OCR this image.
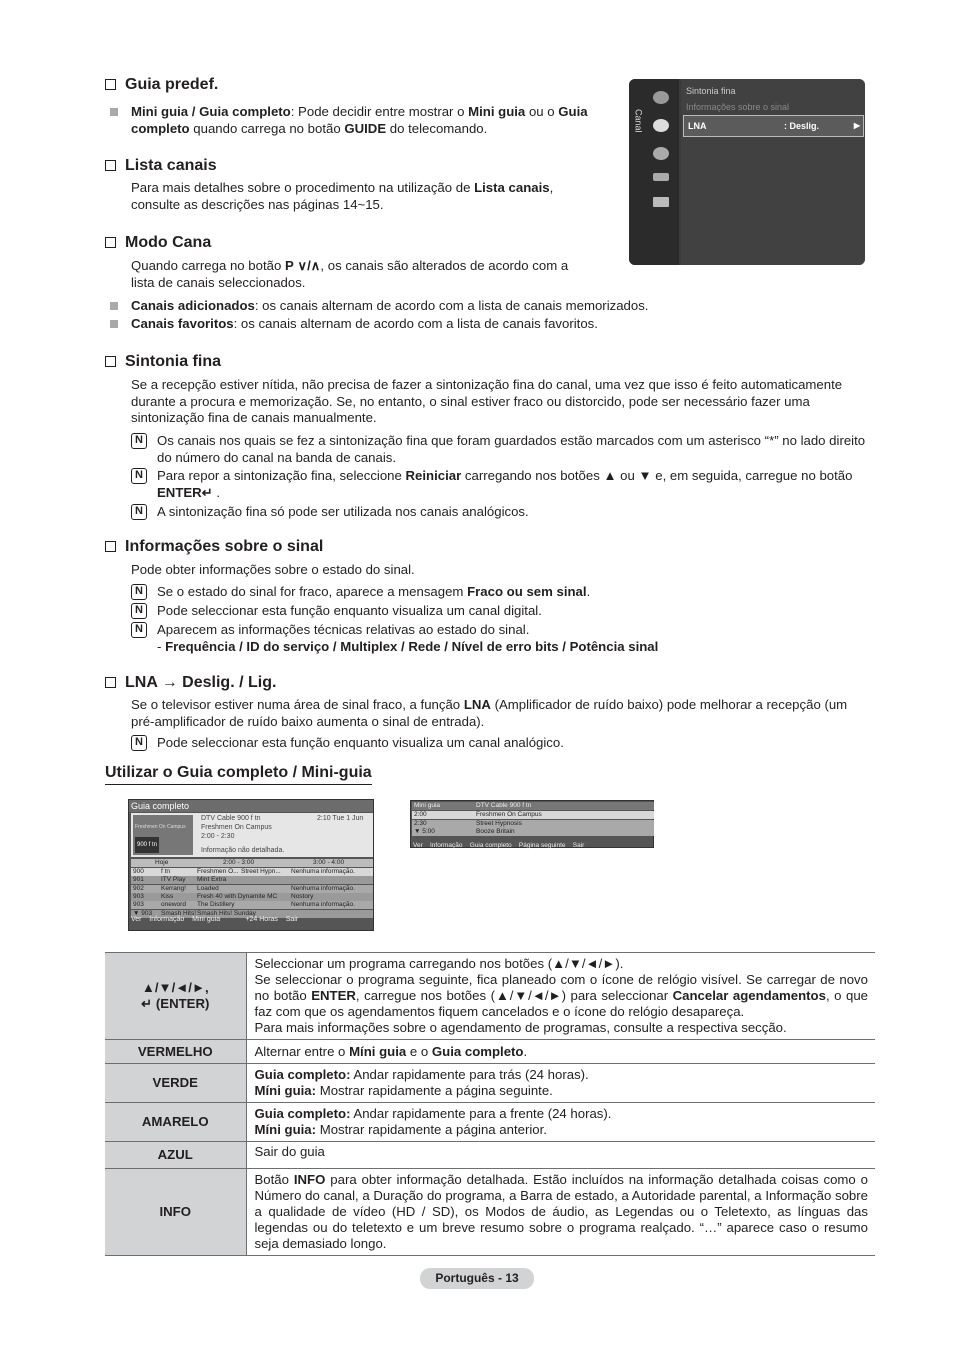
Guia predef.
Mini guia / Guia completo: Pode decidir entre mostrar o Mini guia ou o Guia
completo quando carrega no botão GUIDE do telecomando.
Lista canais
Para mais detalhes sobre o procedimento na utilização de Lista canais,
consulte as descrições nas páginas 14~15.
Modo Cana
Quando carrega no botão P ∨/∧, os canais são alterados de acordo com a
lista de canais seleccionados.
Canais adicionados: os canais alternam de acordo com a lista de canais memorizados.
Canais favoritos: os canais alternam de acordo com a lista de canais favoritos.
Canal
Sintonia fina
Informações sobre o sinal
LNA	: Deslig.	▶
Sintonia fina
Se a recepção estiver nítida, não precisa de fazer a sintonização fina do canal, uma vez que isso é feito automaticamente
durante a procura e memorização. Se, no entanto, o sinal estiver fraco ou distorcido, pode ser necessário fazer uma
sintonização fina de canais manualmente.
N	Os canais nos quais se fez a sintonização fina que foram guardados estão marcados com um asterisco “*” no lado direito
do número do canal na banda de canais.
N	Para repor a sintonização fina, seleccione Reiniciar carregando nos botões ▲ ou ▼ e, em seguida, carregue no botão
ENTER↵ .
N	A sintonização fina só pode ser utilizada nos canais analógicos.
Informações sobre o sinal
Pode obter informações sobre o estado do sinal.
N	Se o estado do sinal for fraco, aparece a mensagem Fraco ou sem sinal.
N	Pode seleccionar esta função enquanto visualiza um canal digital.
N	Aparecem as informações técnicas relativas ao estado do sinal.
- Frequência / ID do serviço / Multiplex / Rede / Nível de erro bits / Potência sinal
LNA → Deslig. / Lig.
Se o televisor estiver numa área de sinal fraco, a função LNA (Amplificador de ruído baixo) pode melhorar a recepção (um
pré-amplificador de ruído baixo aumenta o sinal de entrada).
N	Pode seleccionar esta função enquanto visualiza um canal analógico.
Utilizar o Guia completo / Mini-guia
Guia completo
Freshmen On Campus
900 f tn
DTV Cable 900 f tn	2:10 Tue 1 Jun
Freshmen On Campus
2:00 - 2:30
Informação não detalhada.
Hoje	2:00 - 3:00	3:00 - 4:00
900	f tn	Freshmen O... Street Hypn... Nenhuma informação.
901	ITV Play Mint Extra
902	Kerrang! Loaded	Nenhuma informação.
903	Kiss	Fresh 40 with Dynamite MC Nostory
903	oneword The Distillery	Nenhuma informação.
▼ 903 Smash Hits! Smash Hits! Sunday
Ver Informação Mini guia	+24 Horas Sair
Mini guia	DTV Cable 900 f tn
2:00	Freshmen On Campus
2:30	Street Hypnosis
▼ 5:00	Booze Britain
Ver Informação Guia completo Página seguinte Sair
▲/▼/◄/►,
↵ (ENTER)	Seleccionar um programa carregando nos botões (▲/▼/◄/►).
Se seleccionar o programa seguinte, fica planeado com o ícone de relógio visível. Se carregar de novo no botão ENTER, carregue nos botões (▲/▼/◄/►) para seleccionar Cancelar agendamentos, o que faz com que os agendamentos fiquem cancelados e o ícone do relógio desapareça.
Para mais informações sobre o agendamento de programas, consulte a respectiva secção.
VERMELHO	Alternar entre o Míni guia e o Guia completo.
VERDE	Guia completo: Andar rapidamente para trás (24 horas).
Míni guia: Mostrar rapidamente a página seguinte.
AMARELO	Guia completo: Andar rapidamente para a frente (24 horas).
Míni guia: Mostrar rapidamente a página anterior.
AZUL	Sair do guia
INFO	Botão INFO para obter informação detalhada. Estão incluídos na informação detalhada coisas como o Número do canal, a Duração do programa, a Barra de estado, a Autoridade parental, a Informação sobre a qualidade de vídeo (HD / SD), os Modos de áudio, as Legendas ou o Teletexto, as línguas das legendas ou do teletexto e um breve resumo sobre o programa realçado. “…” aparece caso o resumo seja demasiado longo.
Português - 13
